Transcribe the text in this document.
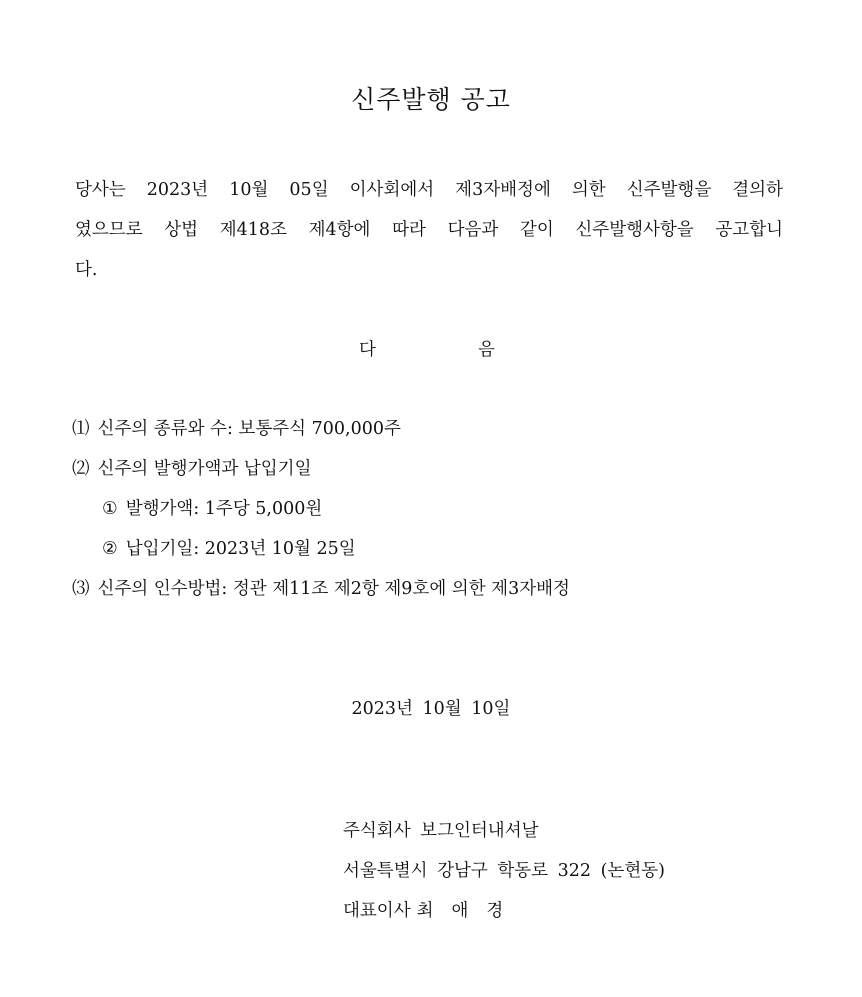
신주발행 공고
당사는 2023년 10월 05일 이사회에서 제3자배정에 의한 신주발행을 결의하
였으므로 상법 제418조 제4항에 따라 다음과 같이 신주발행사항을 공고합니
다.
다	음
⑴ 신주의 종류와 수: 보통주식 700,000주
⑵ 신주의 발행가액과 납입기일
① 발행가액: 1주당 5,000원
② 납입기일: 2023년 10월 25일
⑶ 신주의 인수방법: 정관 제11조 제2항 제9호에 의한 제3자배정
2023년 10월 10일
주식회사 보그인터내셔날
서울특별시 강남구 학동로 322 (논현동)
대표이사 최애경
